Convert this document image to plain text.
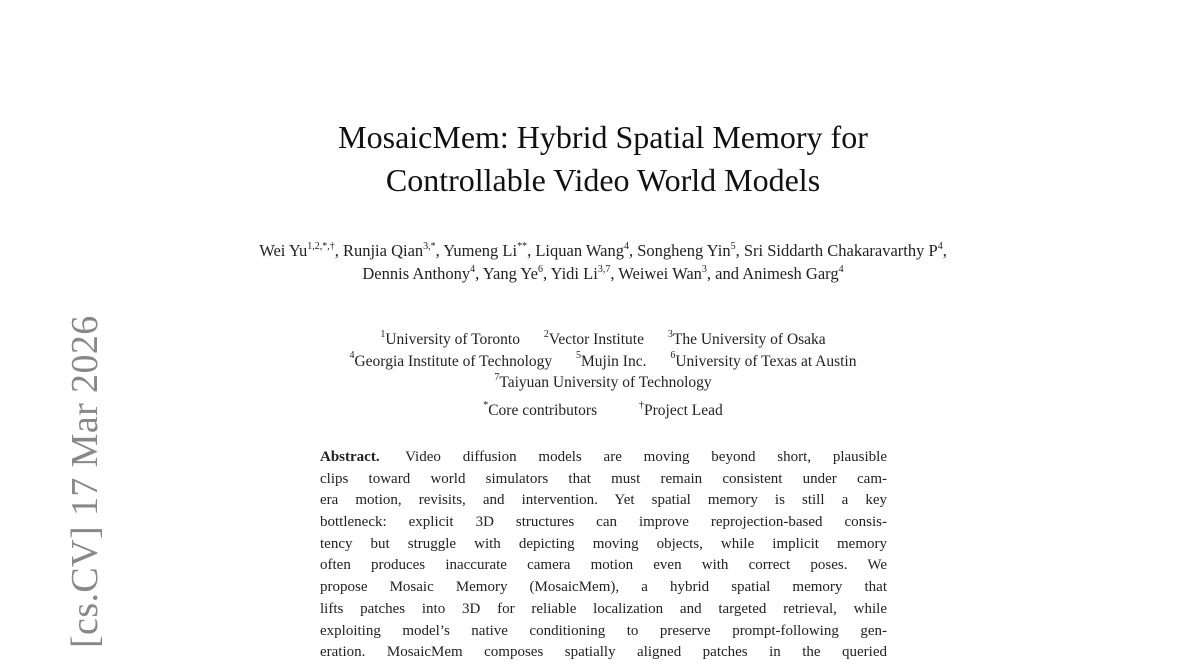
[cs.CV] 17 Mar 2026
MosaicMem: Hybrid Spatial Memory for
Controllable Video World Models
Wei $Yu^{1,2,*,\dagger}$, Runjia Qian$^{3,*}$, Yumeng Li**, Liquan Wang$^4$, Songheng Yin$^5$, Sri Siddarth Chakaravarthy $P^4$, Dennis Anthony$^4$, Yang Ye$^6$, Yidi Li$^{3,7}$, Weiwei Wan$^3$, and Animesh Garg$^4$
$^1$University of Toronto $^2$Vector Institute $^3$The University of Osaka
$^4$Georgia Institute of Technology $^5$Mujin Inc. $^6$University of Texas at Austin
$^7$Taiyuan University of Technology
*Core contributors	†Project Lead
Abstract. Video diffusion models are moving beyond short, plausible
clips toward world simulators that must remain consistent under cam-
era motion, revisits, and intervention. Yet spatial memory is still a key
bottleneck: explicit 3D structures can improve reprojection-based consis-
tency but struggle with depicting moving objects, while implicit memory
often produces inaccurate camera motion even with correct poses. We
propose Mosaic Memory (MosaicMem), a hybrid spatial memory that
lifts patches into 3D for reliable localization and targeted retrieval, while
exploiting model’s native conditioning to preserve prompt-following gen-
eration. MosaicMem composes spatially aligned patches in the queried
